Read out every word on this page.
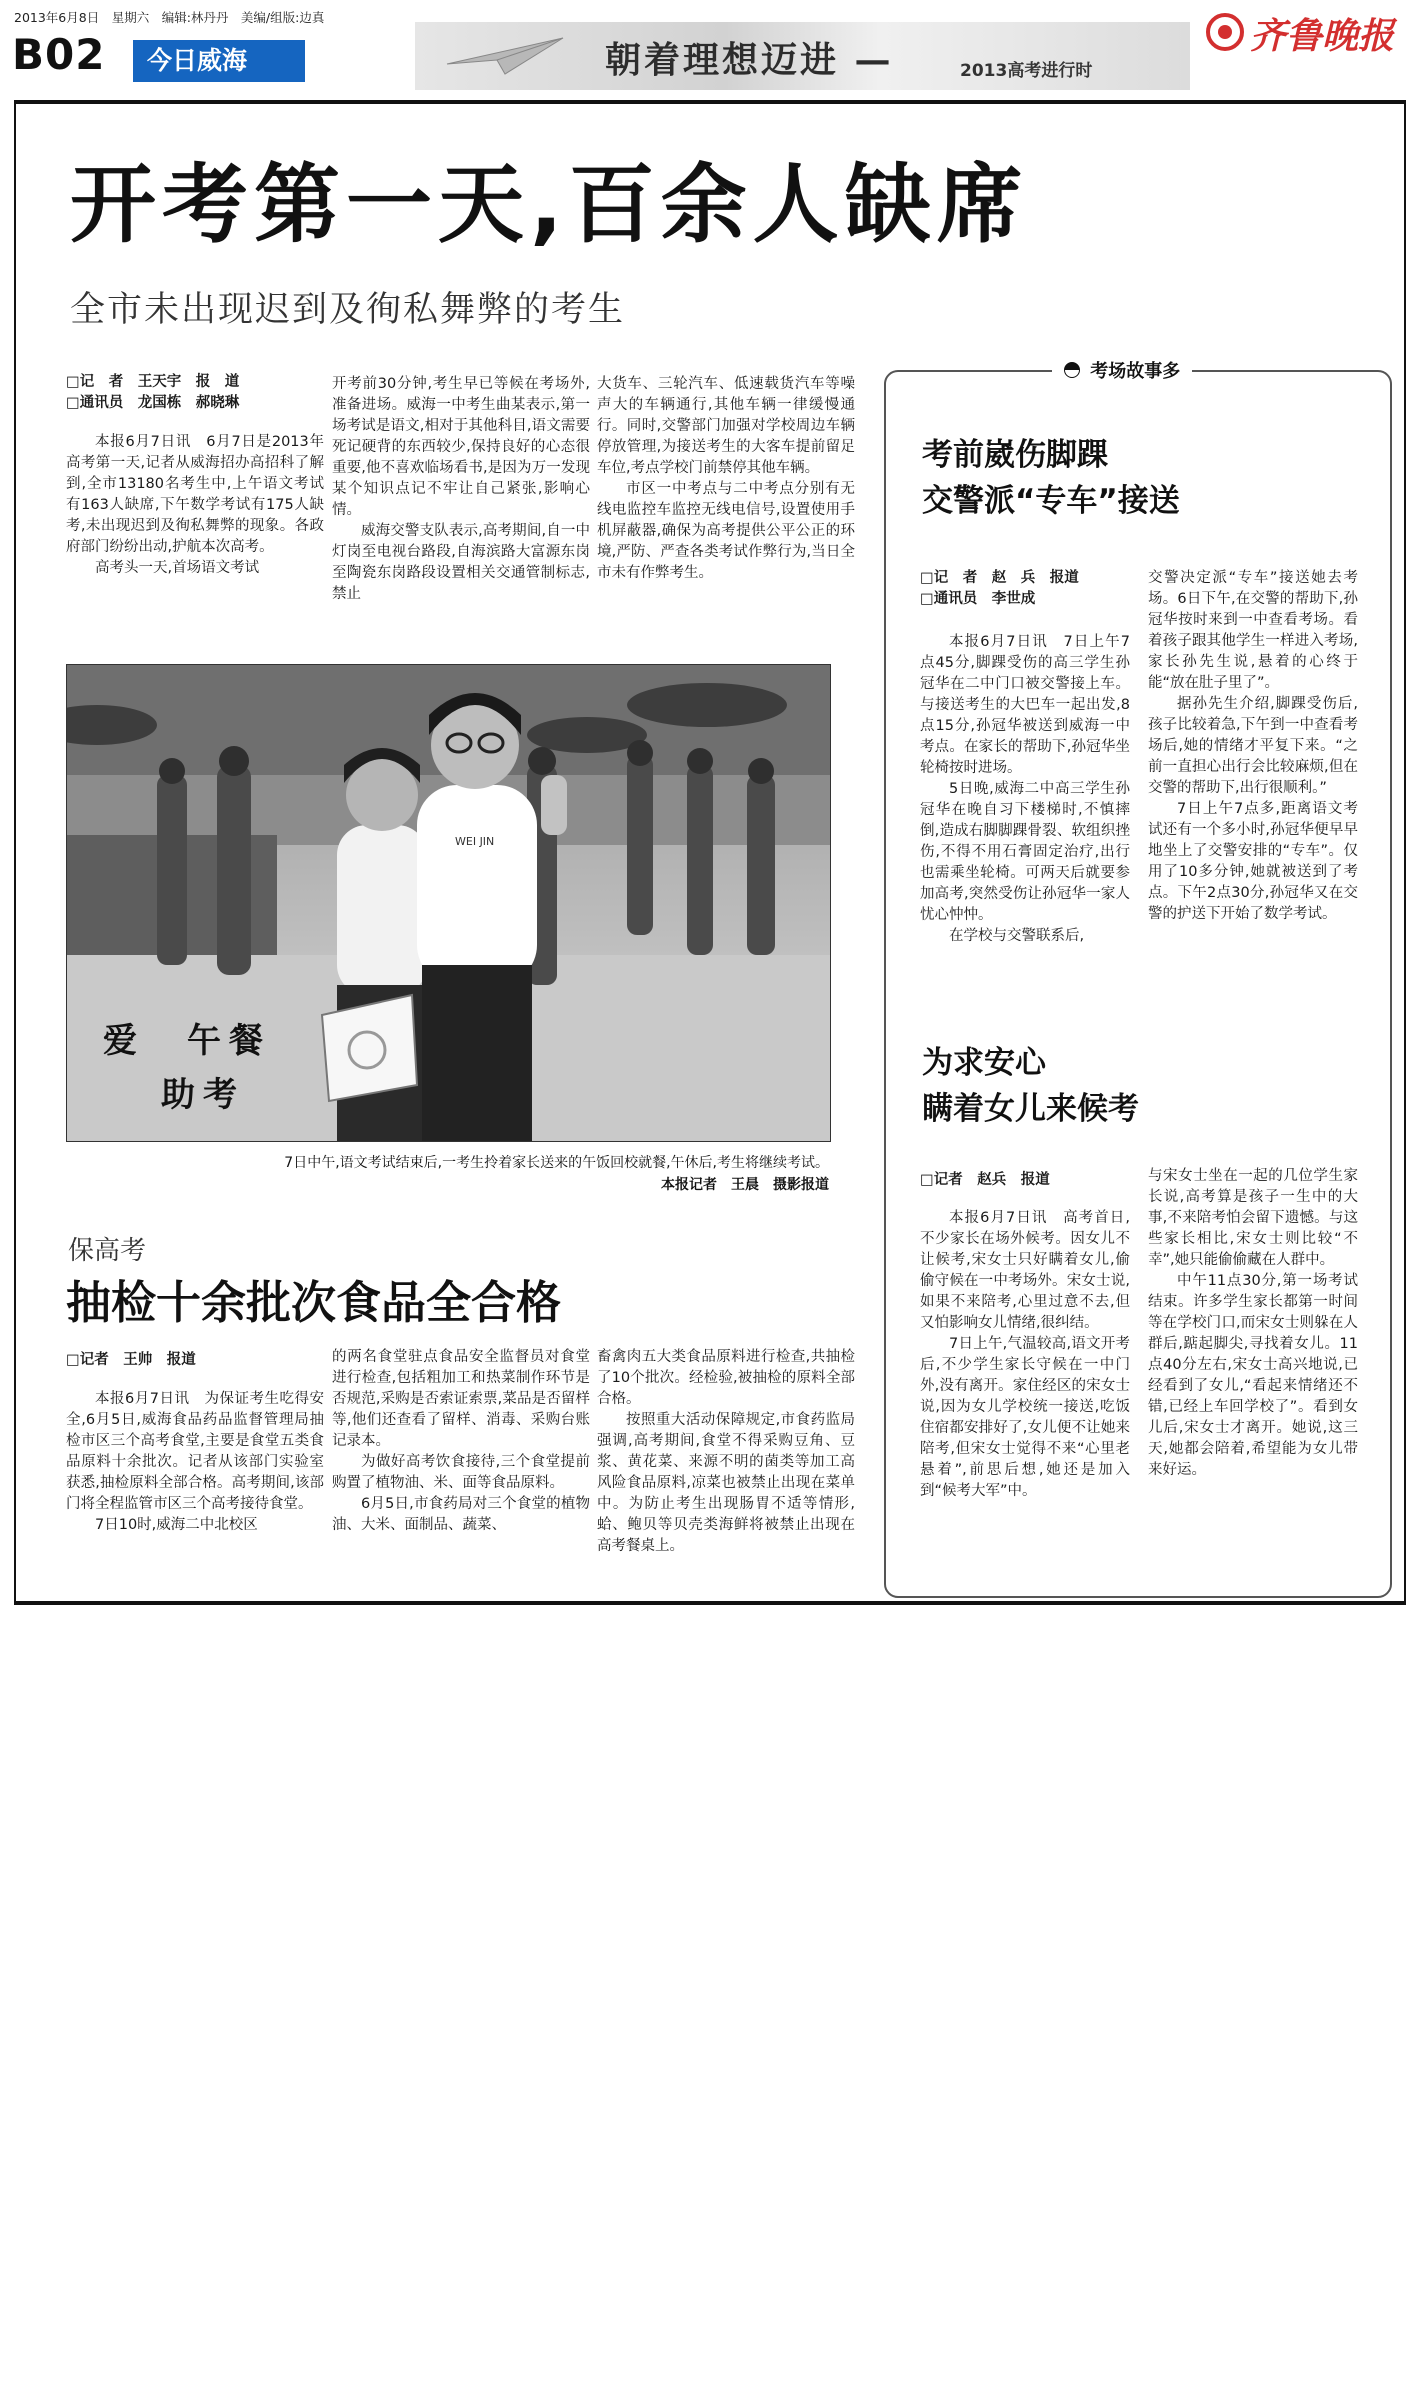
2013年6月8日　星期六　编辑:林丹丹　美编/组版:边真
B02	今日威海	朝着理想迈进 —	2013高考进行时
齐鲁晚报
开考第一天,百余人缺席
全市未出现迟到及徇私舞弊的考生
□记　者　王天宇　报　道
□通讯员　龙国栋　郝晓琳

本报6月7日讯　6月7日是2013年高考第一天,记者从威海招办高招科了解到,全市13180名考生中,上午语文考试有163人缺席,下午数学考试有175人缺考,未出现迟到及徇私舞弊的现象。各政府部门纷纷出动,护航本次高考。

高考头一天,首场语文考试

开考前30分钟,考生早已等候在考场外,准备进场。威海一中考生曲某表示,第一场考试是语文,相对于其他科目,语文需要死记硬背的东西较少,保持良好的心态很重要,他不喜欢临场看书,是因为万一发现某个知识点记不牢让自己紧张,影响心情。

威海交警支队表示,高考期间,自一中灯岗至电视台路段,自海滨路大富源东岗至陶瓷东岗路段设置相关交通管制标志,禁止

大货车、三轮汽车、低速载货汽车等噪声大的车辆通行,其他车辆一律缓慢通行。同时,交警部门加强对学校周边车辆停放管理,为接送考生的大客车提前留足车位,考点学校门前禁停其他车辆。

市区一中考点与二中考点分别有无线电监控车监控无线电信号,设置使用手机屏蔽器,确保为高考提供公平公正的环境,严防、严查各类考试作弊行为,当日全市未有作弊考生。

WEI JIN
爱　午餐
助考
7日中午,语文考试结束后,一考生拎着家长送来的午饭回校就餐,午休后,考生将继续考试。
本报记者　王晨　摄影报道
保高考
抽检十余批次食品全合格
□记者　王帅　报道

本报6月7日讯　为保证考生吃得安全,6月5日,威海食品药品监督管理局抽检市区三个高考食堂,主要是食堂五类食品原料十余批次。记者从该部门实验室获悉,抽检原料全部合格。高考期间,该部门将全程监管市区三个高考接待食堂。

7日10时,威海二中北校区

的两名食堂驻点食品安全监督员对食堂进行检查,包括粗加工和热菜制作环节是否规范,采购是否索证索票,菜品是否留样等,他们还查看了留样、消毒、采购台账记录本。

为做好高考饮食接待,三个食堂提前购置了植物油、米、面等食品原料。

6月5日,市食药局对三个食堂的植物油、大米、面制品、蔬菜、

畜禽肉五大类食品原料进行检查,共抽检了10个批次。经检验,被抽检的原料全部合格。

按照重大活动保障规定,市食药监局强调,高考期间,食堂不得采购豆角、豆浆、黄花菜、来源不明的菌类等加工高风险食品原料,凉菜也被禁止出现在菜单中。为防止考生出现肠胃不适等情形,蛤、鲍贝等贝壳类海鲜将被禁止出现在高考餐桌上。

考场故事多
考前崴伤脚踝
交警派“专车”接送
□记　者　赵　兵　报道
□通讯员　李世成

本报6月7日讯　7日上午7点45分,脚踝受伤的高三学生孙冠华在二中门口被交警接上车。与接送考生的大巴车一起出发,8点15分,孙冠华被送到威海一中考点。在家长的帮助下,孙冠华坐轮椅按时进场。

5日晚,威海二中高三学生孙冠华在晚自习下楼梯时,不慎摔倒,造成右脚脚踝骨裂、软组织挫伤,不得不用石膏固定治疗,出行也需乘坐轮椅。可两天后就要参加高考,突然受伤让孙冠华一家人忧心忡忡。

在学校与交警联系后,

交警决定派“专车”接送她去考场。6日下午,在交警的帮助下,孙冠华按时来到一中查看考场。看着孩子跟其他学生一样进入考场,家长孙先生说,悬着的心终于能“放在肚子里了”。

据孙先生介绍,脚踝受伤后,孩子比较着急,下午到一中查看考场后,她的情绪才平复下来。“之前一直担心出行会比较麻烦,但在交警的帮助下,出行很顺利。”

7日上午7点多,距离语文考试还有一个多小时,孙冠华便早早地坐上了交警安排的“专车”。仅用了10多分钟,她就被送到了考点。下午2点30分,孙冠华又在交警的护送下开始了数学考试。

为求安心
瞒着女儿来候考
□记者　赵兵　报道

本报6月7日讯　高考首日,不少家长在场外候考。因女儿不让候考,宋女士只好瞒着女儿,偷偷守候在一中考场外。宋女士说,如果不来陪考,心里过意不去,但又怕影响女儿情绪,很纠结。

7日上午,气温较高,语文开考后,不少学生家长守候在一中门外,没有离开。家住经区的宋女士说,因为女儿学校统一接送,吃饭住宿都安排好了,女儿便不让她来陪考,但宋女士觉得不来“心里老悬着”,前思后想,她还是加入到“候考大军”中。

与宋女士坐在一起的几位学生家长说,高考算是孩子一生中的大事,不来陪考怕会留下遗憾。与这些家长相比,宋女士则比较“不幸”,她只能偷偷藏在人群中。

中午11点30分,第一场考试结束。许多学生家长都第一时间等在学校门口,而宋女士则躲在人群后,踮起脚尖,寻找着女儿。11点40分左右,宋女士高兴地说,已经看到了女儿,“看起来情绪还不错,已经上车回学校了”。看到女儿后,宋女士才离开。她说,这三天,她都会陪着,希望能为女儿带来好运。
